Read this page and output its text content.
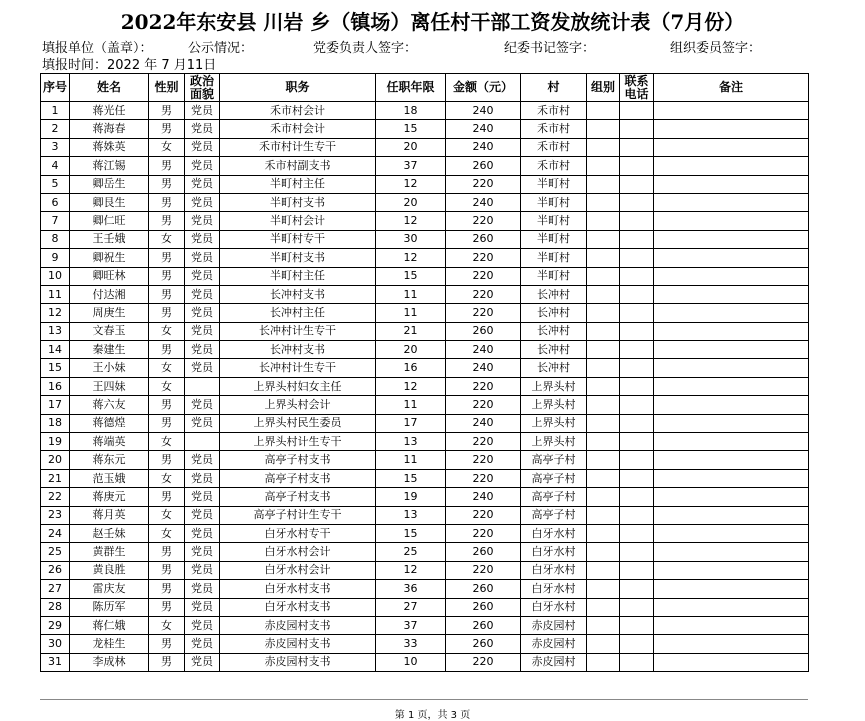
2022年东安县 川岩 乡（镇场）离任村干部工资发放统计表（7月份）
填报单位（盖章）：	公示情况：	党委负责人签字：	纪委书记签字：	组织委员签字：
填报时间：2022 年 7 月11日
序号	姓名	性别	政治面貌	职务	任职年限	金额（元）	村	组别	联系电话	备注
1	蒋光任	男	党员	禾市村会计	18	240	禾市村			
2	蒋海春	男	党员	禾市村会计	15	240	禾市村			
3	蒋姝英	女	党员	禾市村计生专干	20	240	禾市村			
4	蒋江锡	男	党员	禾市村副支书	37	260	禾市村			
5	卿岳生	男	党员	半町村主任	12	220	半町村			
6	卿艮生	男	党员	半町村支书	20	240	半町村			
7	卿仁旺	男	党员	半町村会计	12	220	半町村			
8	王壬娥	女	党员	半町村专干	30	260	半町村			
9	卿祝生	男	党员	半町村支书	12	220	半町村			
10	卿旺林	男	党员	半町村主任	15	220	半町村			
11	付达湘	男	党员	长冲村支书	11	220	长冲村			
12	周庚生	男	党员	长冲村主任	11	220	长冲村			
13	文春玉	女	党员	长冲村计生专干	21	260	长冲村			
14	秦建生	男	党员	长冲村支书	20	240	长冲村			
15	王小妹	女	党员	长冲村计生专干	16	240	长冲村			
16	王四妹	女		上界头村妇女主任	12	220	上界头村			
17	蒋六友	男	党员	上界头村会计	11	220	上界头村			
18	蒋德煌	男	党员	上界头村民生委员	17	240	上界头村			
19	蒋端英	女		上界头村计生专干	13	220	上界头村			
20	蒋东元	男	党员	高亭子村支书	11	220	高亭子村			
21	范玉娥	女	党员	高亭子村支书	15	220	高亭子村			
22	蒋庚元	男	党员	高亭子村支书	19	240	高亭子村			
23	蒋月英	女	党员	高亭子村计生专干	13	220	高亭子村			
24	赵壬妹	女	党员	白牙水村专干	15	220	白牙水村			
25	黄群生	男	党员	白牙水村会计	25	260	白牙水村			
26	黄良胜	男	党员	白牙水村会计	12	220	白牙水村			
27	雷庆友	男	党员	白牙水村支书	36	260	白牙水村			
28	陈历军	男	党员	白牙水村支书	27	260	白牙水村			
29	蒋仁娥	女	党员	赤皮园村支书	37	260	赤皮园村			
30	龙桂生	男	党员	赤皮园村支书	33	260	赤皮园村			
31	李成林	男	党员	赤皮园村支书	10	220	赤皮园村			
第 1 页，共 3 页
